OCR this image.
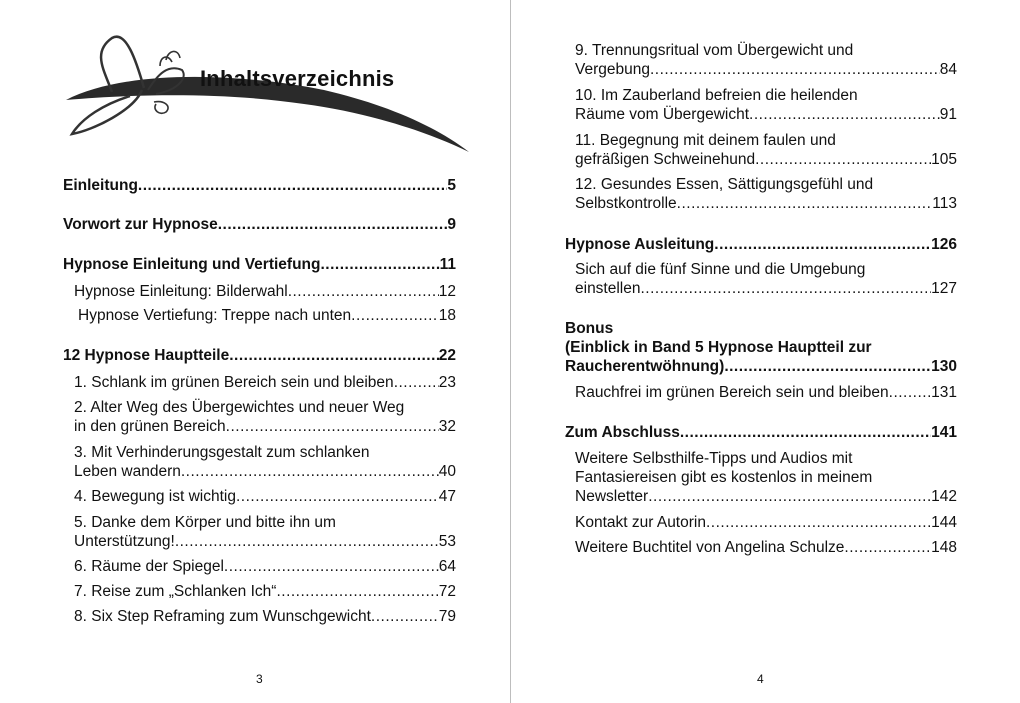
Inhaltsverzeichnis
Einleitung .....	5
Vorwort zur Hypnose .....	9
Hypnose Einleitung und Vertiefung .....	11
Hypnose Einleitung: Bilderwahl .....	12
Hypnose Vertiefung: Treppe nach unten .....	18
12 Hypnose Hauptteile .....	22
1. Schlank im grünen Bereich sein und bleiben .....	23
2. Alter Weg des Übergewichtes und neuer Weg
in den grünen Bereich .....	32
3. Mit Verhinderungsgestalt zum schlanken
Leben wandern .....	40
4. Bewegung ist wichtig .....	47
5. Danke dem Körper und bitte ihn um
Unterstützung! .....	53
6. Räume der Spiegel .....	64
7. Reise zum „Schlanken Ich“ .....	72
8. Six Step Reframing zum Wunschgewicht .....	79
3
9. Trennungsritual vom Übergewicht und
Vergebung .....	84
10. Im Zauberland befreien die heilenden
Räume vom Übergewicht .....	91
11. Begegnung mit deinem faulen und
gefräßigen Schweinehund .....	105
12. Gesundes Essen, Sättigungsgefühl und
Selbstkontrolle .....	113
Hypnose Ausleitung .....	126
Sich auf die fünf Sinne und die Umgebung
einstellen .....	127
Bonus
(Einblick in Band 5 Hypnose Hauptteil zur
Raucherentwöhnung) .....	130
Rauchfrei im grünen Bereich sein und bleiben .....	131
Zum Abschluss .....	141
Weitere Selbsthilfe-Tipps und Audios mit
Fantasiereisen gibt es kostenlos in meinem
Newsletter .....	142
Kontakt zur Autorin .....	144
Weitere Buchtitel von Angelina Schulze .....	148
4
